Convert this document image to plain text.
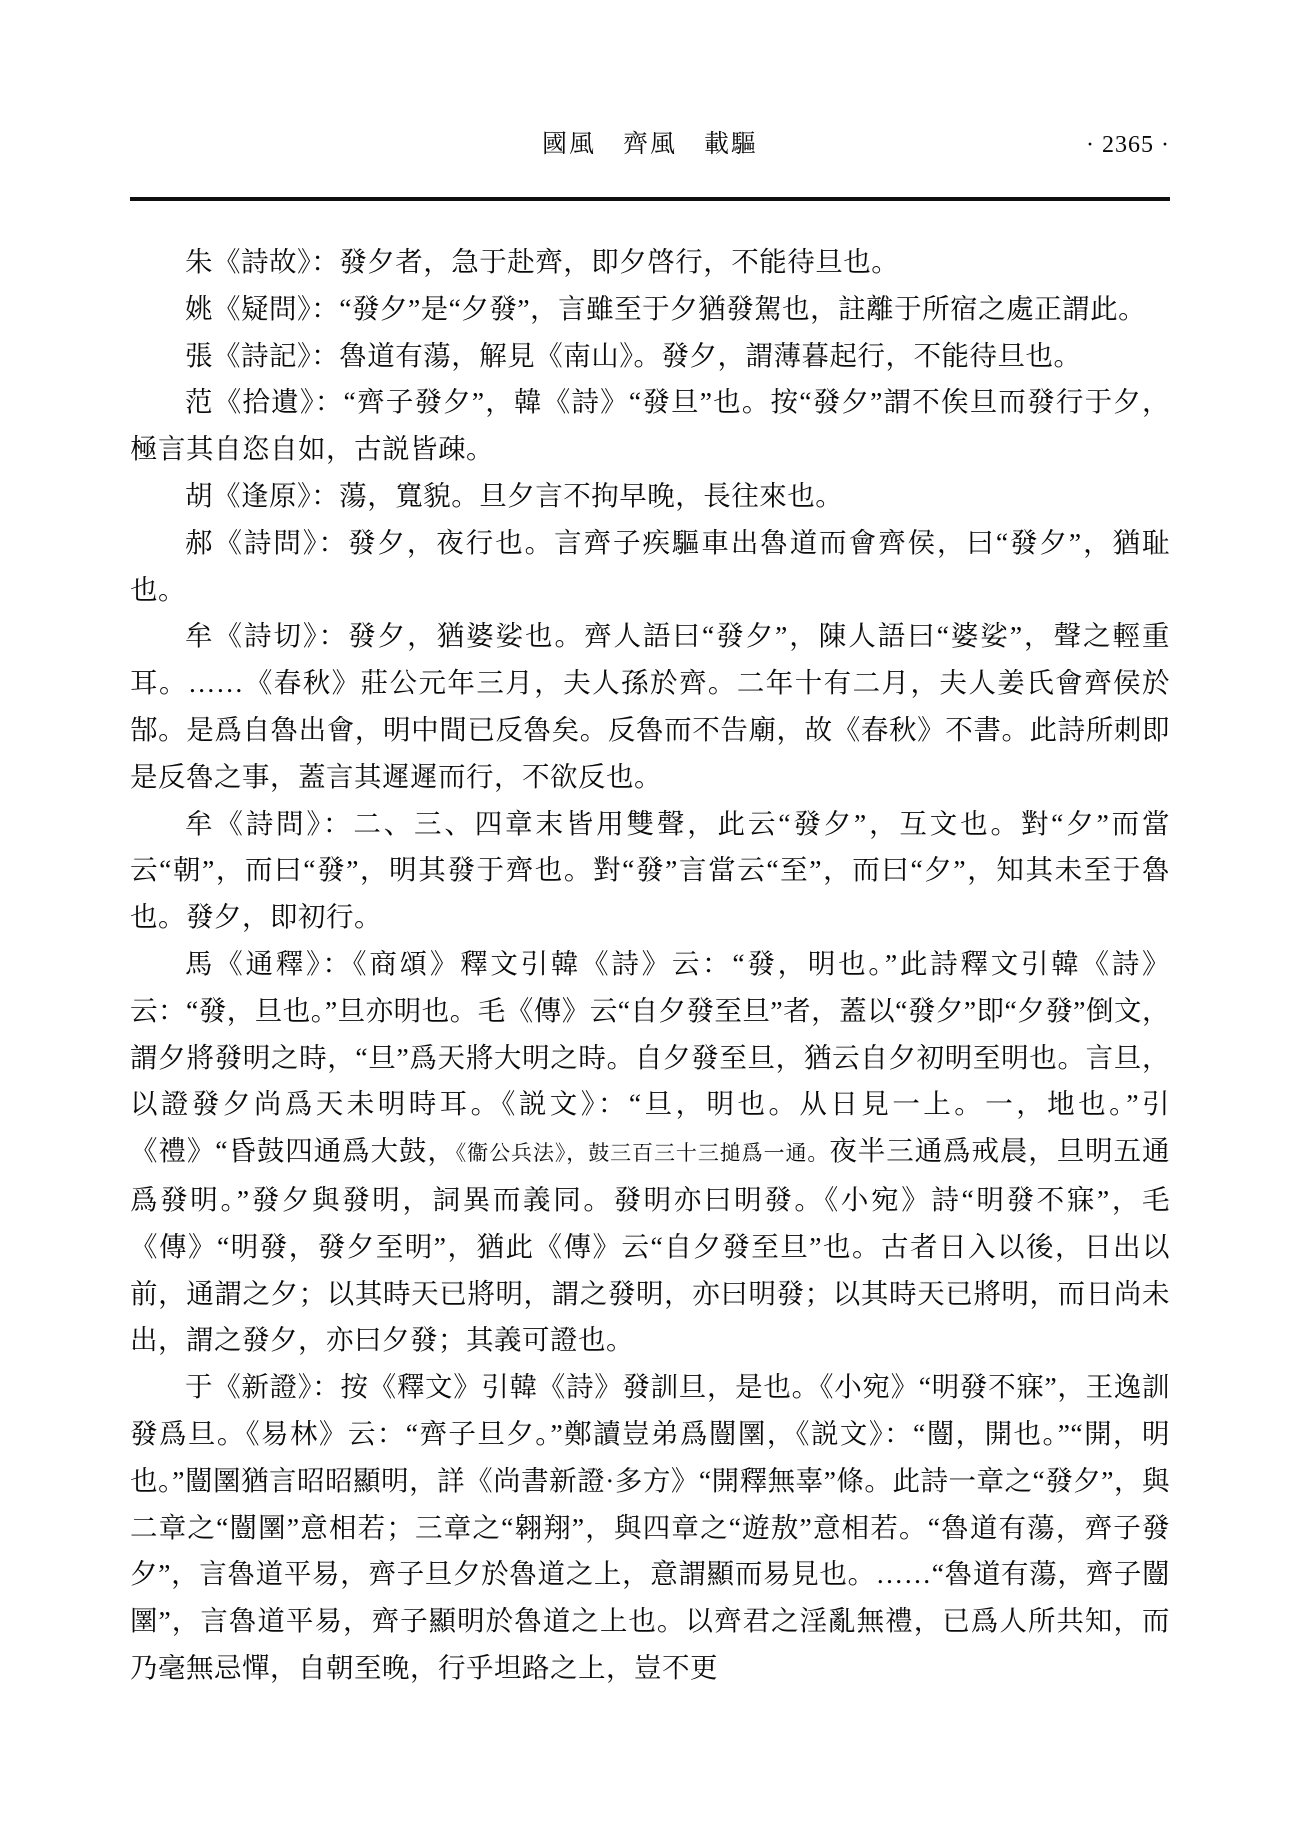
國風　齊風　載驅	· 2365 ·

朱《詩故》：發夕者，急于赴齊，即夕啓行，不能待旦也。

姚《疑問》：“發夕”是“夕發”，言雖至于夕猶發駕也，註離于所宿之處正謂此。

張《詩記》：魯道有蕩，解見《南山》。發夕，謂薄暮起行，不能待旦也。

范《拾遺》：“齊子發夕”，韓《詩》“發旦”也。按“發夕”謂不俟旦而發行于夕，極言其自恣自如，古説皆疎。

胡《逢原》：蕩，寬貌。旦夕言不拘早晚，長往來也。

郝《詩問》：發夕，夜行也。言齊子疾驅車出魯道而會齊侯，曰“發夕”，猶耻也。

牟《詩切》：發夕，猶婆娑也。齊人語曰“發夕”，陳人語曰“婆娑”，聲之輕重耳。……《春秋》莊公元年三月，夫人孫於齊。二年十有二月，夫人姜氏會齊侯於郜。是爲自魯出會，明中間已反魯矣。反魯而不告廟，故《春秋》不書。此詩所刺即是反魯之事，蓋言其遲遲而行，不欲反也。

牟《詩問》：二、三、四章末皆用雙聲，此云“發夕”，互文也。對“夕”而當云“朝”，而曰“發”，明其發于齊也。對“發”言當云“至”，而曰“夕”，知其未至于魯也。發夕，即初行。

馬《通釋》：《商頌》釋文引韓《詩》云：“發，明也。”此詩釋文引韓《詩》云：“發，旦也。”旦亦明也。毛《傳》云“自夕發至旦”者，蓋以“發夕”即“夕發”倒文，謂夕將發明之時，“旦”爲天將大明之時。自夕發至旦，猶云自夕初明至明也。言旦，以證發夕尚爲天未明時耳。《説文》：“旦，明也。从日見一上。一，地也。”引《禮》“昏鼓四通爲大鼓，《衞公兵法》，鼓三百三十三搥爲一通。夜半三通爲戒晨，旦明五通爲發明。”發夕與發明，詞異而義同。發明亦曰明發。《小宛》詩“明發不寐”，毛《傳》“明發，發夕至明”，猶此《傳》云“自夕發至旦”也。古者日入以後，日出以前，通謂之夕；以其時天已將明，謂之發明，亦曰明發；以其時天已將明，而日尚未出，謂之發夕，亦曰夕發；其義可證也。

于《新證》：按《釋文》引韓《詩》發訓旦，是也。《小宛》“明發不寐”，王逸訓發爲旦。《易林》云：“齊子旦夕。”鄭讀豈弟爲闓圛，《説文》：“闓，開也。”“開，明也。”闓圛猶言昭昭顯明，詳《尚書新證·多方》“開釋無辜”條。此詩一章之“發夕”，與二章之“闓圛”意相若；三章之“翱翔”，與四章之“遊敖”意相若。“魯道有蕩，齊子發夕”，言魯道平易，齊子旦夕於魯道之上，意謂顯而易見也。……“魯道有蕩，齊子闓圛”，言魯道平易，齊子顯明於魯道之上也。以齊君之淫亂無禮，已爲人所共知，而乃毫無忌憚，自朝至晚，行乎坦路之上，豈不更
